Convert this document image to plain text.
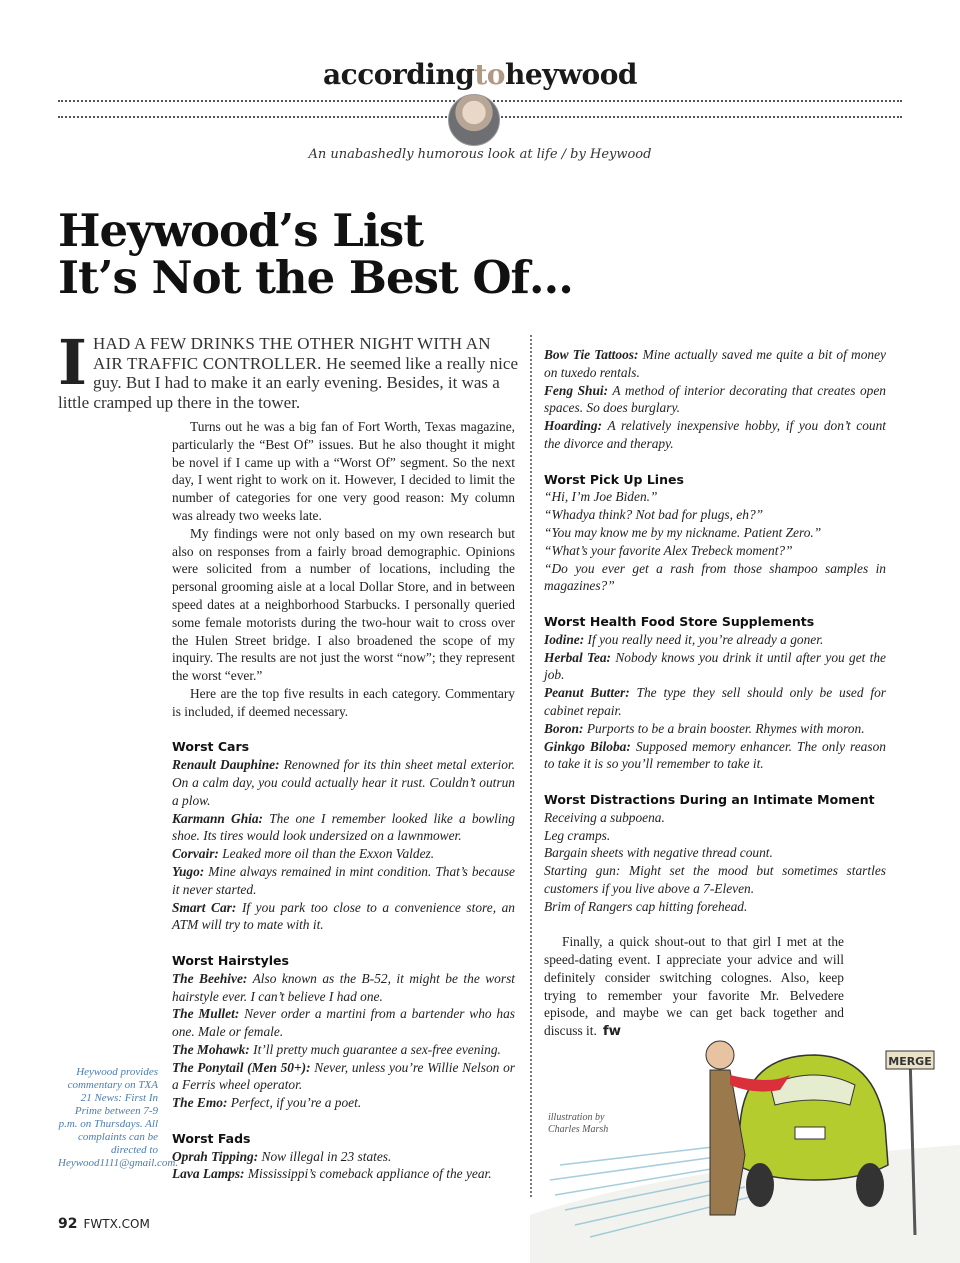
accordingtoheywood
An unabashedly humorous look at life / by Heywood
Heywood’s List
It’s Not the Best Of…
IHAD A FEW DRINKS THE OTHER NIGHT WITH AN AIR TRAFFIC CONTROLLER. He seemed like a really nice guy. But I had to make it an early evening. Besides, it was a little cramped up there in the tower.

Turns out he was a big fan of Fort Worth, Texas magazine, particularly the “Best Of” issues. But he also thought it might be novel if I came up with a “Worst Of” segment. So the next day, I went right to work on it. However, I decided to limit the number of categories for one very good reason: My column was already two weeks late.

My findings were not only based on my own research but also on responses from a fairly broad demographic. Opinions were solicited from a number of locations, including the personal grooming aisle at a local Dollar Store, and in between speed dates at a neighborhood Starbucks. I personally queried some female motorists during the two-hour wait to cross over the Hulen Street bridge. I also broadened the scope of my inquiry. The results are not just the worst “now”; they represent the worst “ever.”

Here are the top five results in each category. Commentary is included, if deemed necessary.

Worst Cars

Renault Dauphine: Renowned for its thin sheet metal exterior. On a calm day, you could actually hear it rust. Couldn’t outrun a plow.

Karmann Ghia: The one I remember looked like a bowling shoe. Its tires would look undersized on a lawnmower.

Corvair: Leaked more oil than the Exxon Valdez.

Yugo: Mine always remained in mint condition. That’s because it never started.

Smart Car: If you park too close to a convenience store, an ATM will try to mate with it.

Worst Hairstyles

The Beehive: Also known as the B-52, it might be the worst hairstyle ever. I can’t believe I had one.

The Mullet: Never order a martini from a bartender who has one. Male or female.

The Mohawk: It’ll pretty much guarantee a sex-free evening.

The Ponytail (Men 50+): Never, unless you’re Willie Nelson or a Ferris wheel operator.

The Emo: Perfect, if you’re a poet.

Worst Fads

Oprah Tipping: Now illegal in 23 states.

Lava Lamps: Mississippi’s comeback appliance of the year.

Bow Tie Tattoos: Mine actually saved me quite a bit of money on tuxedo rentals.

Feng Shui: A method of interior decorating that creates open spaces. So does burglary.

Hoarding: A relatively inexpensive hobby, if you don’t count the divorce and therapy.

Worst Pick Up Lines

“Hi, I’m Joe Biden.”

“Whadya think? Not bad for plugs, eh?”

“You may know me by my nickname. Patient Zero.”

“What’s your favorite Alex Trebeck moment?”

“Do you ever get a rash from those shampoo samples in magazines?”

Worst Health Food Store Supplements

Iodine: If you really need it, you’re already a goner.

Herbal Tea: Nobody knows you drink it until after you get the job.

Peanut Butter: The type they sell should only be used for cabinet repair.

Boron: Purports to be a brain booster. Rhymes with moron.

Ginkgo Biloba: Supposed memory enhancer. The only reason to take it is so you’ll remember to take it.

Worst Distractions During an Intimate Moment

Receiving a subpoena.

Leg cramps.

Bargain sheets with negative thread count.

Starting gun: Might set the mood but sometimes startles customers if you live above a 7-Eleven.

Brim of Rangers cap hitting forehead.

Finally, a quick shout-out to that girl I met at the speed-dating event. I appreciate your advice and will definitely consider switching colognes. Also, keep trying to remember your favorite Mr. Belvedere episode, and maybe we can get back together and discuss it. fw

Heywood provides commentary on TXA 21 News: First In Prime between 7-9 p.m. on Thursdays. All complaints can be directed to Heywood1111@gmail.com.
MERGE
illustration by
Charles Marsh
92 FWTX.COM
